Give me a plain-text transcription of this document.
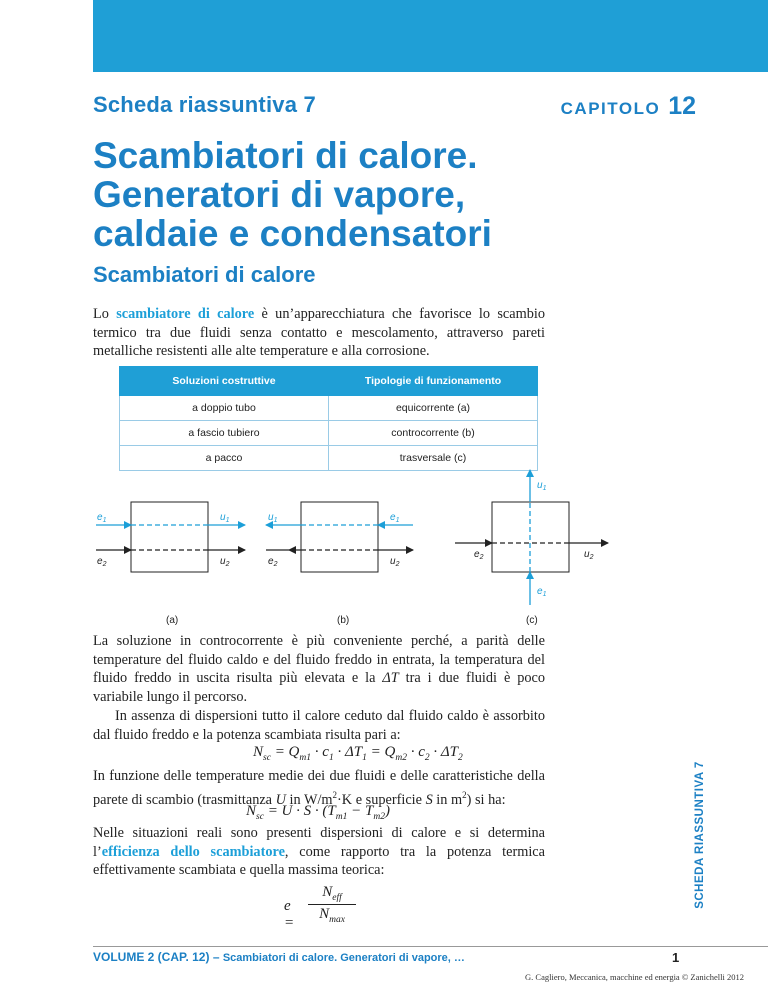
Scheda riassuntiva 7	CAPITOLO 12
Scambiatori di calore.
Generatori di vapore,
caldaie e condensatori
Scambiatori di calore

Lo scambiatore di calore è un’apparecchiatura che favorisce lo scambio termico tra due fluidi senza contatto e mescolamento, attraverso pareti metalliche resistenti alle alte temperature e alla corrosione.

Soluzioni costruttive	Tipologie di funzionamento
a doppio tubo	equicorrente (a)
a fascio tubiero	controcorrente (b)
a pacco	trasversale (c)
$e_1$	$u_1$
$e_2$	$u_2$
(a)
$u_1$	$e_1$
$e_2$	$u_2$
(b)
$u_1$
$e_1$
$e_2$	$u_2$
(c)

La soluzione in controcorrente è più conveniente perché, a parità delle temperature del fluido caldo e del fluido freddo in entrata, la temperatura del fluido freddo in uscita risulta più elevata e la ΔT tra i due fluidi è poco variabile lungo il percorso.

In assenza di dispersioni tutto il calore ceduto dal fluido caldo è assorbito dal fluido freddo e la potenza scambiata risulta pari a:

$N_{sc} = Q_{m1} \cdot c_1 \cdot \Delta T_1 = Q_{m2} \cdot c_2 \cdot \Delta T_2$

In funzione delle temperature medie dei due fluidi e delle caratteristiche della parete di scambio (trasmittanza U in $W/m^2\cdot K$ e superficie S in $m^2$) si ha:

$N_{sc} = U \cdot S \cdot (T_{m1} - T_{m2})$

Nelle situazioni reali sono presenti dispersioni di calore e si determina l’efficienza dello scambiatore, come rapporto tra la potenza termica effettivamente scambiata e quella massima teorica:

e =
$N_{eff}$
$N_{max}$
SCHEDA RIASSUNTIVA 7
VOLUME 2 (CAP. 12) – Scambiatori di calore. Generatori di vapore, …	1
G. Cagliero, Meccanica, macchine ed energia © Zanichelli 2012
